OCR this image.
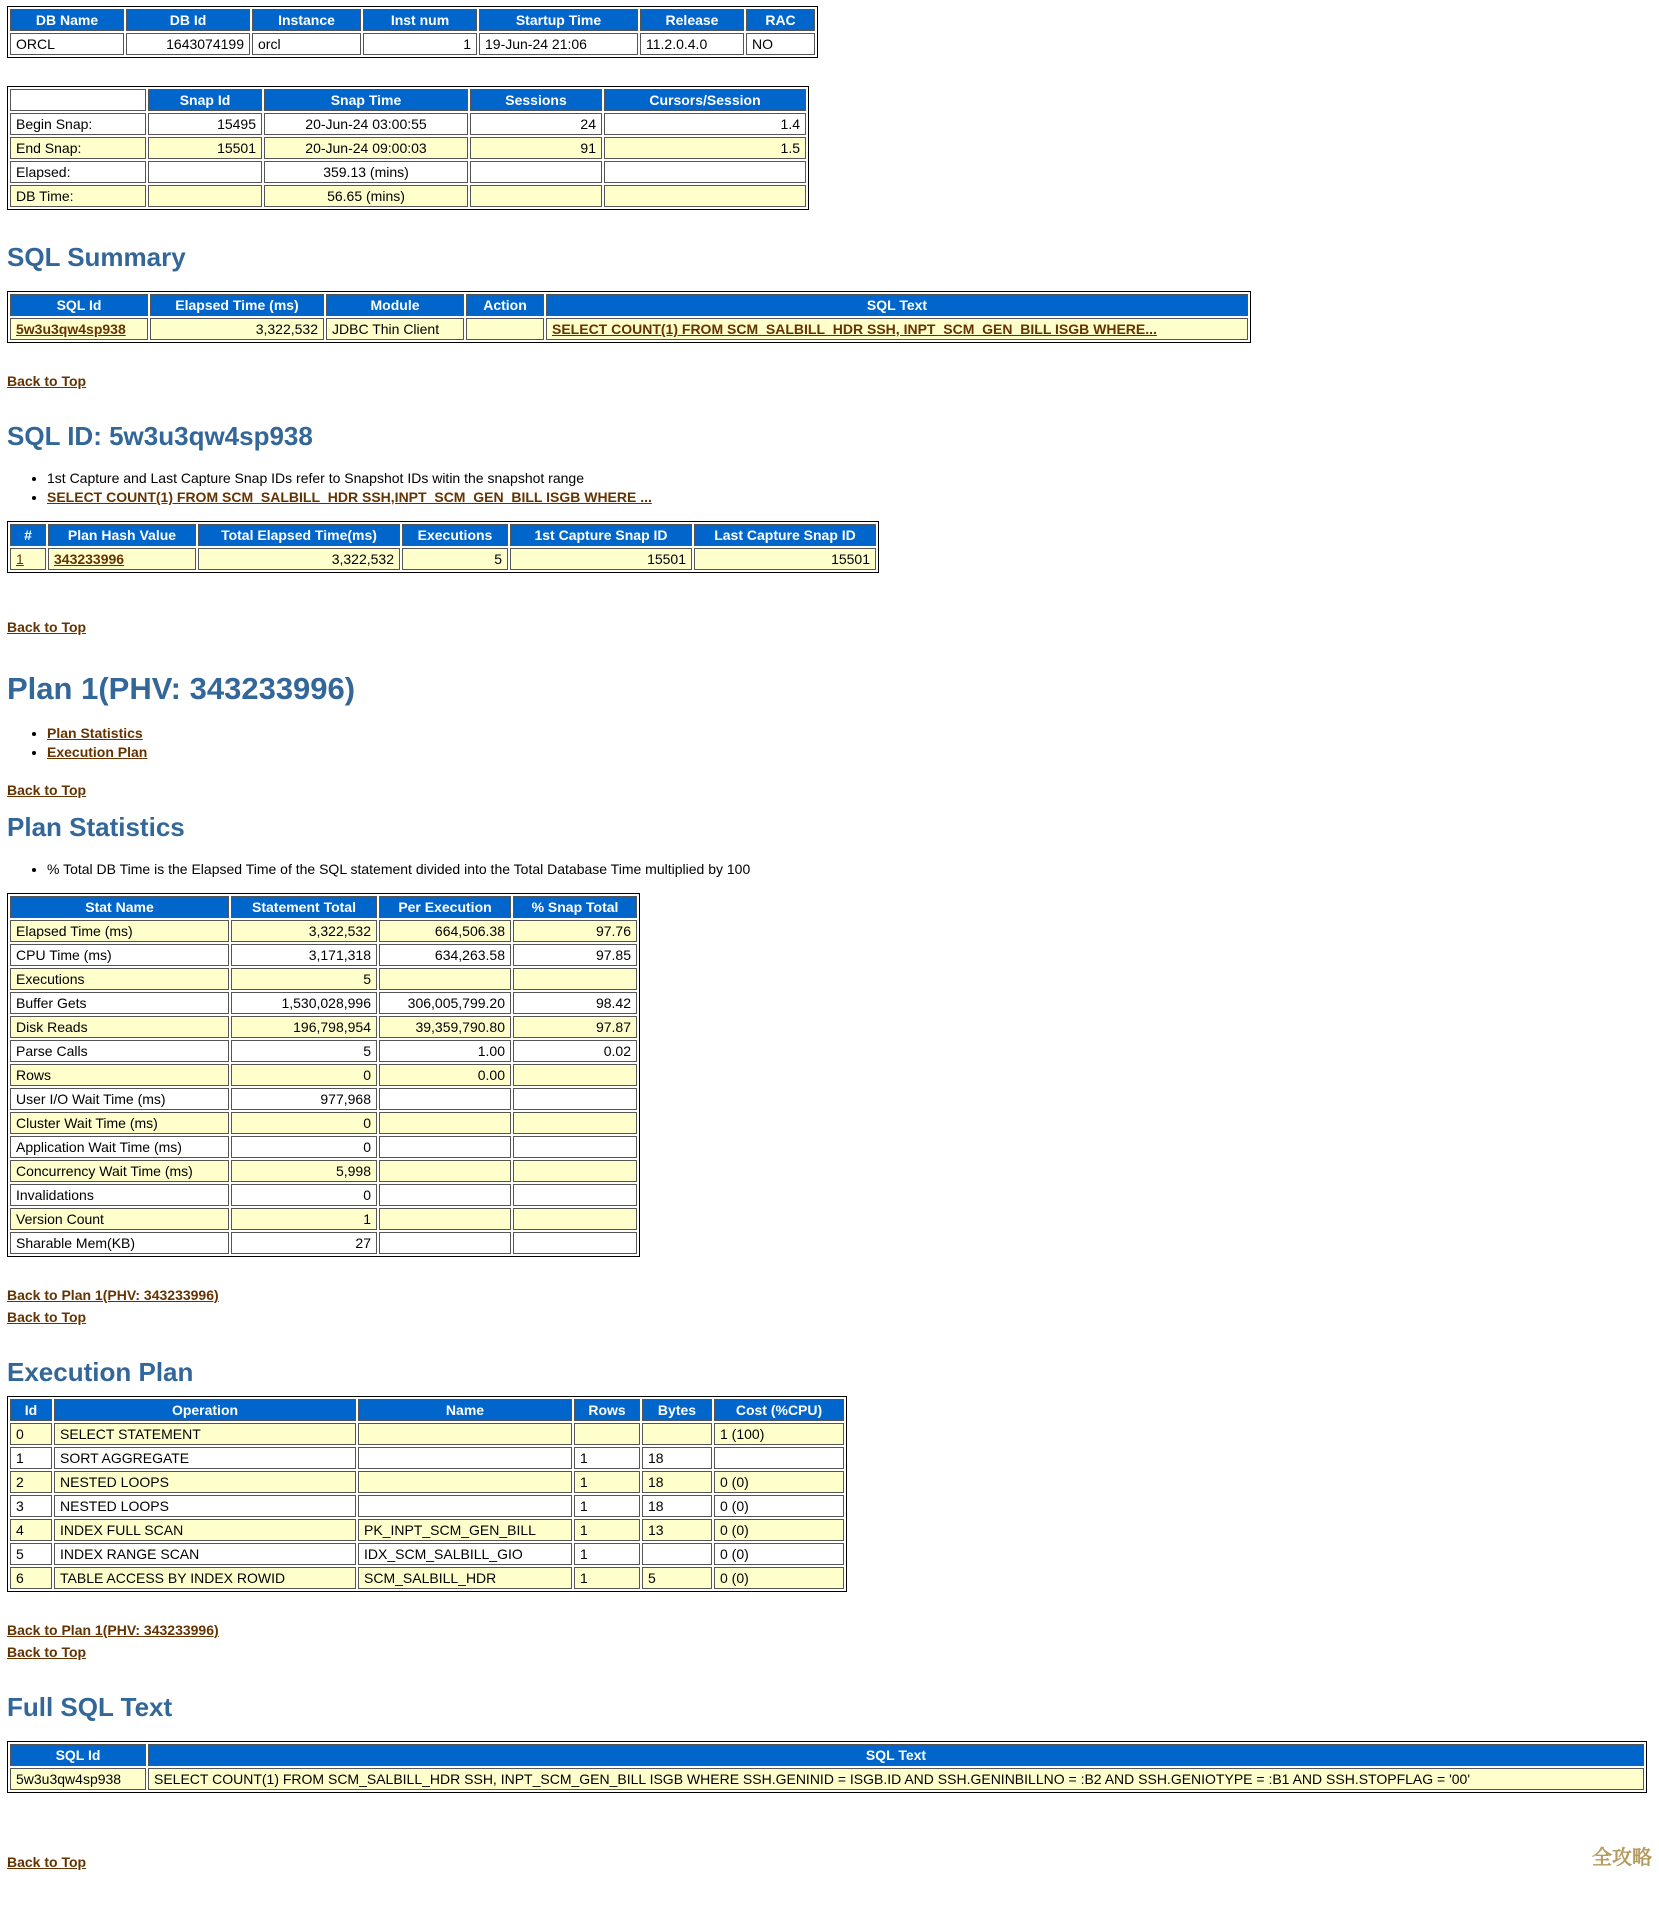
DB Name	DB Id	Instance	Inst num	Startup Time	Release	RAC
ORCL	1643074199	orcl	1	19-Jun-24 21:06	11.2.0.4.0	NO
	Snap Id	Snap Time	Sessions	Cursors/Session
Begin Snap:	15495	20-Jun-24 03:00:55	24	1.4
End Snap:	15501	20-Jun-24 09:00:03	91	1.5
Elapsed:		359.13 (mins)		
DB Time:		56.65 (mins)		
SQL Summary
SQL Id	Elapsed Time (ms)	Module	Action	SQL Text
5w3u3qw4sp938	3,322,532	JDBC Thin Client		SELECT COUNT(1) FROM SCM_SALBILL_HDR SSH, INPT_SCM_GEN_BILL ISGB WHERE...
Back to Top
SQL ID: 5w3u3qw4sp938
• 1st Capture and Last Capture Snap IDs refer to Snapshot IDs witin the snapshot range
• SELECT COUNT(1) FROM SCM_SALBILL_HDR SSH,INPT_SCM_GEN_BILL ISGB WHERE ...
#	Plan Hash Value	Total Elapsed Time(ms)	Executions	1st Capture Snap ID	Last Capture Snap ID
1	343233996	3,322,532	5	15501	15501
Back to Top
Plan 1(PHV: 343233996)
• Plan Statistics
• Execution Plan
Back to Top
Plan Statistics
• % Total DB Time is the Elapsed Time of the SQL statement divided into the Total Database Time multiplied by 100
Stat Name	Statement Total	Per Execution	% Snap Total
Elapsed Time (ms)	3,322,532	664,506.38	97.76
CPU Time (ms)	3,171,318	634,263.58	97.85
Executions	5		
Buffer Gets	1,530,028,996	306,005,799.20	98.42
Disk Reads	196,798,954	39,359,790.80	97.87
Parse Calls	5	1.00	0.02
Rows	0	0.00	
User I/O Wait Time (ms)	977,968		
Cluster Wait Time (ms)	0		
Application Wait Time (ms)	0		
Concurrency Wait Time (ms)	5,998		
Invalidations	0		
Version Count	1		
Sharable Mem(KB)	27		
Back to Plan 1(PHV: 343233996)
Back to Top
Execution Plan
Id	Operation	Name	Rows	Bytes	Cost (%CPU)
0	SELECT STATEMENT				1 (100)
1	SORT AGGREGATE		1	18	
2	NESTED LOOPS		1	18	0 (0)
3	NESTED LOOPS		1	18	0 (0)
4	INDEX FULL SCAN	PK_INPT_SCM_GEN_BILL	1	13	0 (0)
5	INDEX RANGE SCAN	IDX_SCM_SALBILL_GIO	1		0 (0)
6	TABLE ACCESS BY INDEX ROWID	SCM_SALBILL_HDR	1	5	0 (0)
Back to Plan 1(PHV: 343233996)
Back to Top
Full SQL Text
SQL Id	SQL Text
5w3u3qw4sp938	SELECT COUNT(1) FROM SCM_SALBILL_HDR SSH, INPT_SCM_GEN_BILL ISGB WHERE SSH.GENINID = ISGB.ID AND SSH.GENINBILLNO = :B2 AND SSH.GENIOTYPE = :B1 AND SSH.STOPFLAG = '00'
Back to Top	全攻略
